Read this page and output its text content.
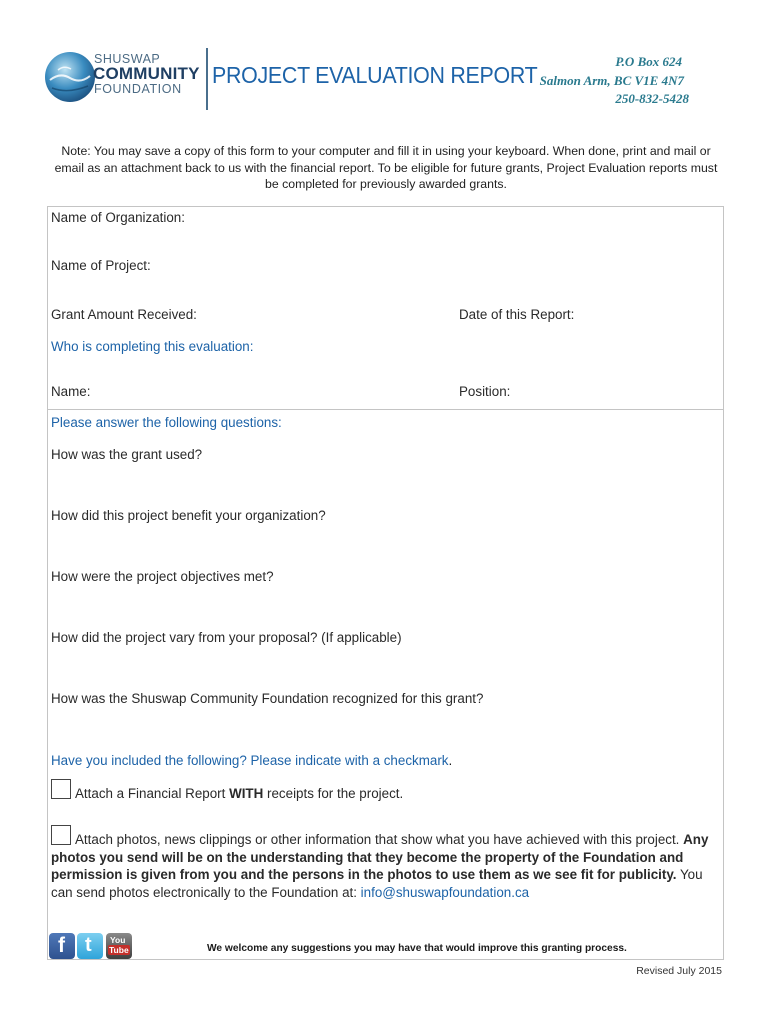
SHUSWAP
COMMUNITY
FOUNDATION
PROJECT EVALUATION REPORT
P.O Box 624
Salmon Arm, BC V1E 4N7
250-832-5428
Note: You may save a copy of this form to your computer and fill it in using your keyboard. When done, print and mail or email as an attachment back to us with the financial report. To be eligible for future grants, Project Evaluation reports must be completed for previously awarded grants.
Name of Organization:
Name of Project:
Grant Amount Received:	Date of this Report:
Who is completing this evaluation:
Name:	Position:
Please answer the following questions:
How was the grant used?
How did this project benefit your organization?
How were the project objectives met?
How did the project vary from your proposal? (If applicable)
How was the Shuswap Community Foundation recognized for this grant?
Have you included the following? Please indicate with a checkmark.
Attach a Financial Report WITH receipts for the project.
Attach photos, news clippings or other information that show what you have achieved with this project. Any photos you send will be on the understanding that they become the property of the Foundation and permission is given from you and the persons in the photos to use them as we see fit for publicity. You can send photos electronically to the Foundation at: info@shuswapfoundation.ca
f t You
Tube	We welcome any suggestions you may have that would improve this granting process.
Revised July 2015
